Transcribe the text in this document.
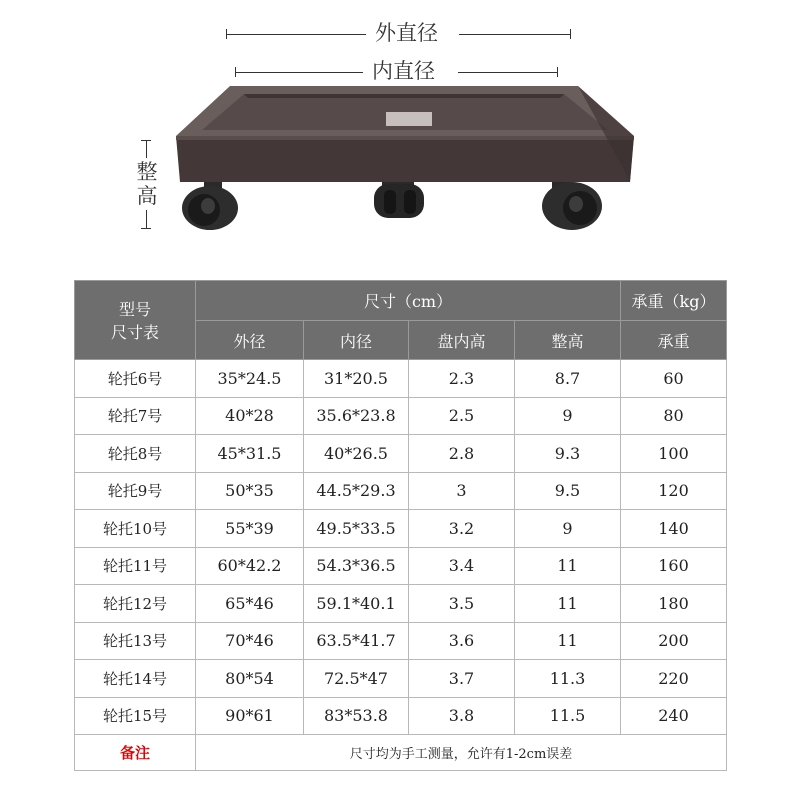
外直径
内直径
整
高
型号
尺寸表	尺寸（cm）				承重（kg）
	外径	内径	盘内高	整高	承重
轮托6号	35*24.5	31*20.5	2.3	8.7	60
轮托7号	40*28	35.6*23.8	2.5	9	80
轮托8号	45*31.5	40*26.5	2.8	9.3	100
轮托9号	50*35	44.5*29.3	3	9.5	120
轮托10号	55*39	49.5*33.5	3.2	9	140
轮托11号	60*42.2	54.3*36.5	3.4	11	160
轮托12号	65*46	59.1*40.1	3.5	11	180
轮托13号	70*46	63.5*41.7	3.6	11	200
轮托14号	80*54	72.5*47	3.7	11.3	220
轮托15号	90*61	83*53.8	3.8	11.5	240
备注	尺寸均为手工测量，允许有1-2cm误差				
